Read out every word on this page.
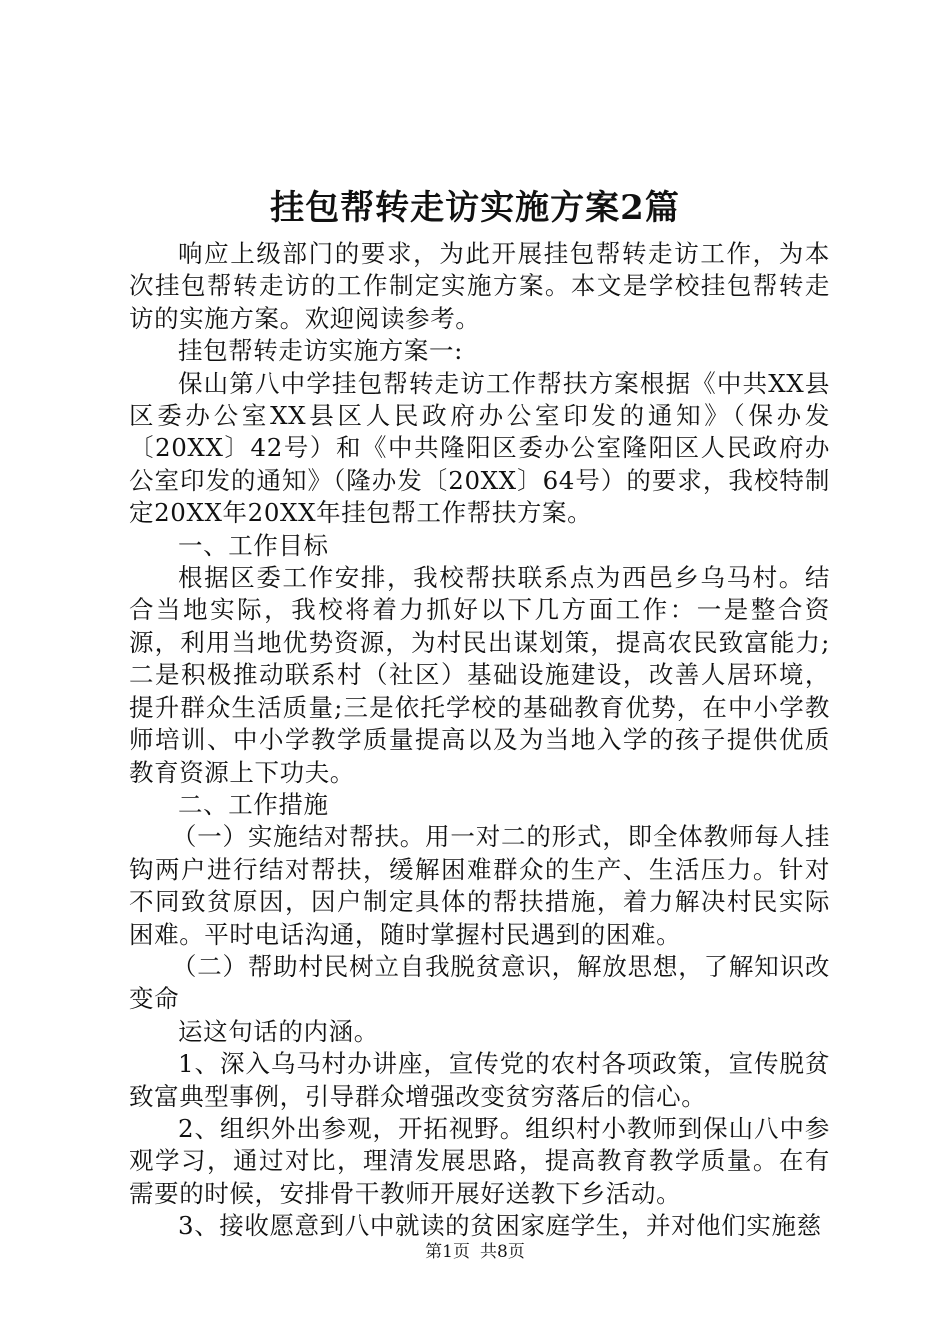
挂包帮转走访实施方案2篇

响应上级部门的要求，为此开展挂包帮转走访工作，为本次挂包帮转走访的工作制定实施方案。本文是学校挂包帮转走访的实施方案。欢迎阅读参考。

挂包帮转走访实施方案一:

保山第八中学挂包帮转走访工作帮扶方案根据《中共XX县区委办公室XX县区人民政府办公室印发的通知》（保办发〔20XX〕42号）和《中共隆阳区委办公室隆阳区人民政府办公室印发的通知》（隆办发〔20XX〕64号）的要求，我校特制定20XX年20XX年挂包帮工作帮扶方案。

一、工作目标

根据区委工作安排，我校帮扶联系点为西邑乡乌马村。结合当地实际，我校将着力抓好以下几方面工作：一是整合资源，利用当地优势资源，为村民出谋划策，提高农民致富能力;二是积极推动联系村（社区）基础设施建设，改善人居环境，提升群众生活质量;三是依托学校的基础教育优势，在中小学教师培训、中小学教学质量提高以及为当地入学的孩子提供优质教育资源上下功夫。

二、工作措施

（一）实施结对帮扶。用一对二的形式，即全体教师每人挂钩两户进行结对帮扶，缓解困难群众的生产、生活压力。针对不同致贫原因，因户制定具体的帮扶措施，着力解决村民实际困难。平时电话沟通，随时掌握村民遇到的困难。

（二）帮助村民树立自我脱贫意识，解放思想，了解知识改变命

运这句话的内涵。

1、深入乌马村办讲座，宣传党的农村各项政策，宣传脱贫致富典型事例，引导群众增强改变贫穷落后的信心。

2、组织外出参观，开拓视野。组织村小教师到保山八中参观学习，通过对比，理清发展思路，提高教育教学质量。在有需要的时候，安排骨干教师开展好送教下乡活动。

3、接收愿意到八中就读的贫困家庭学生，并对他们实施慈

第1页 共8页
